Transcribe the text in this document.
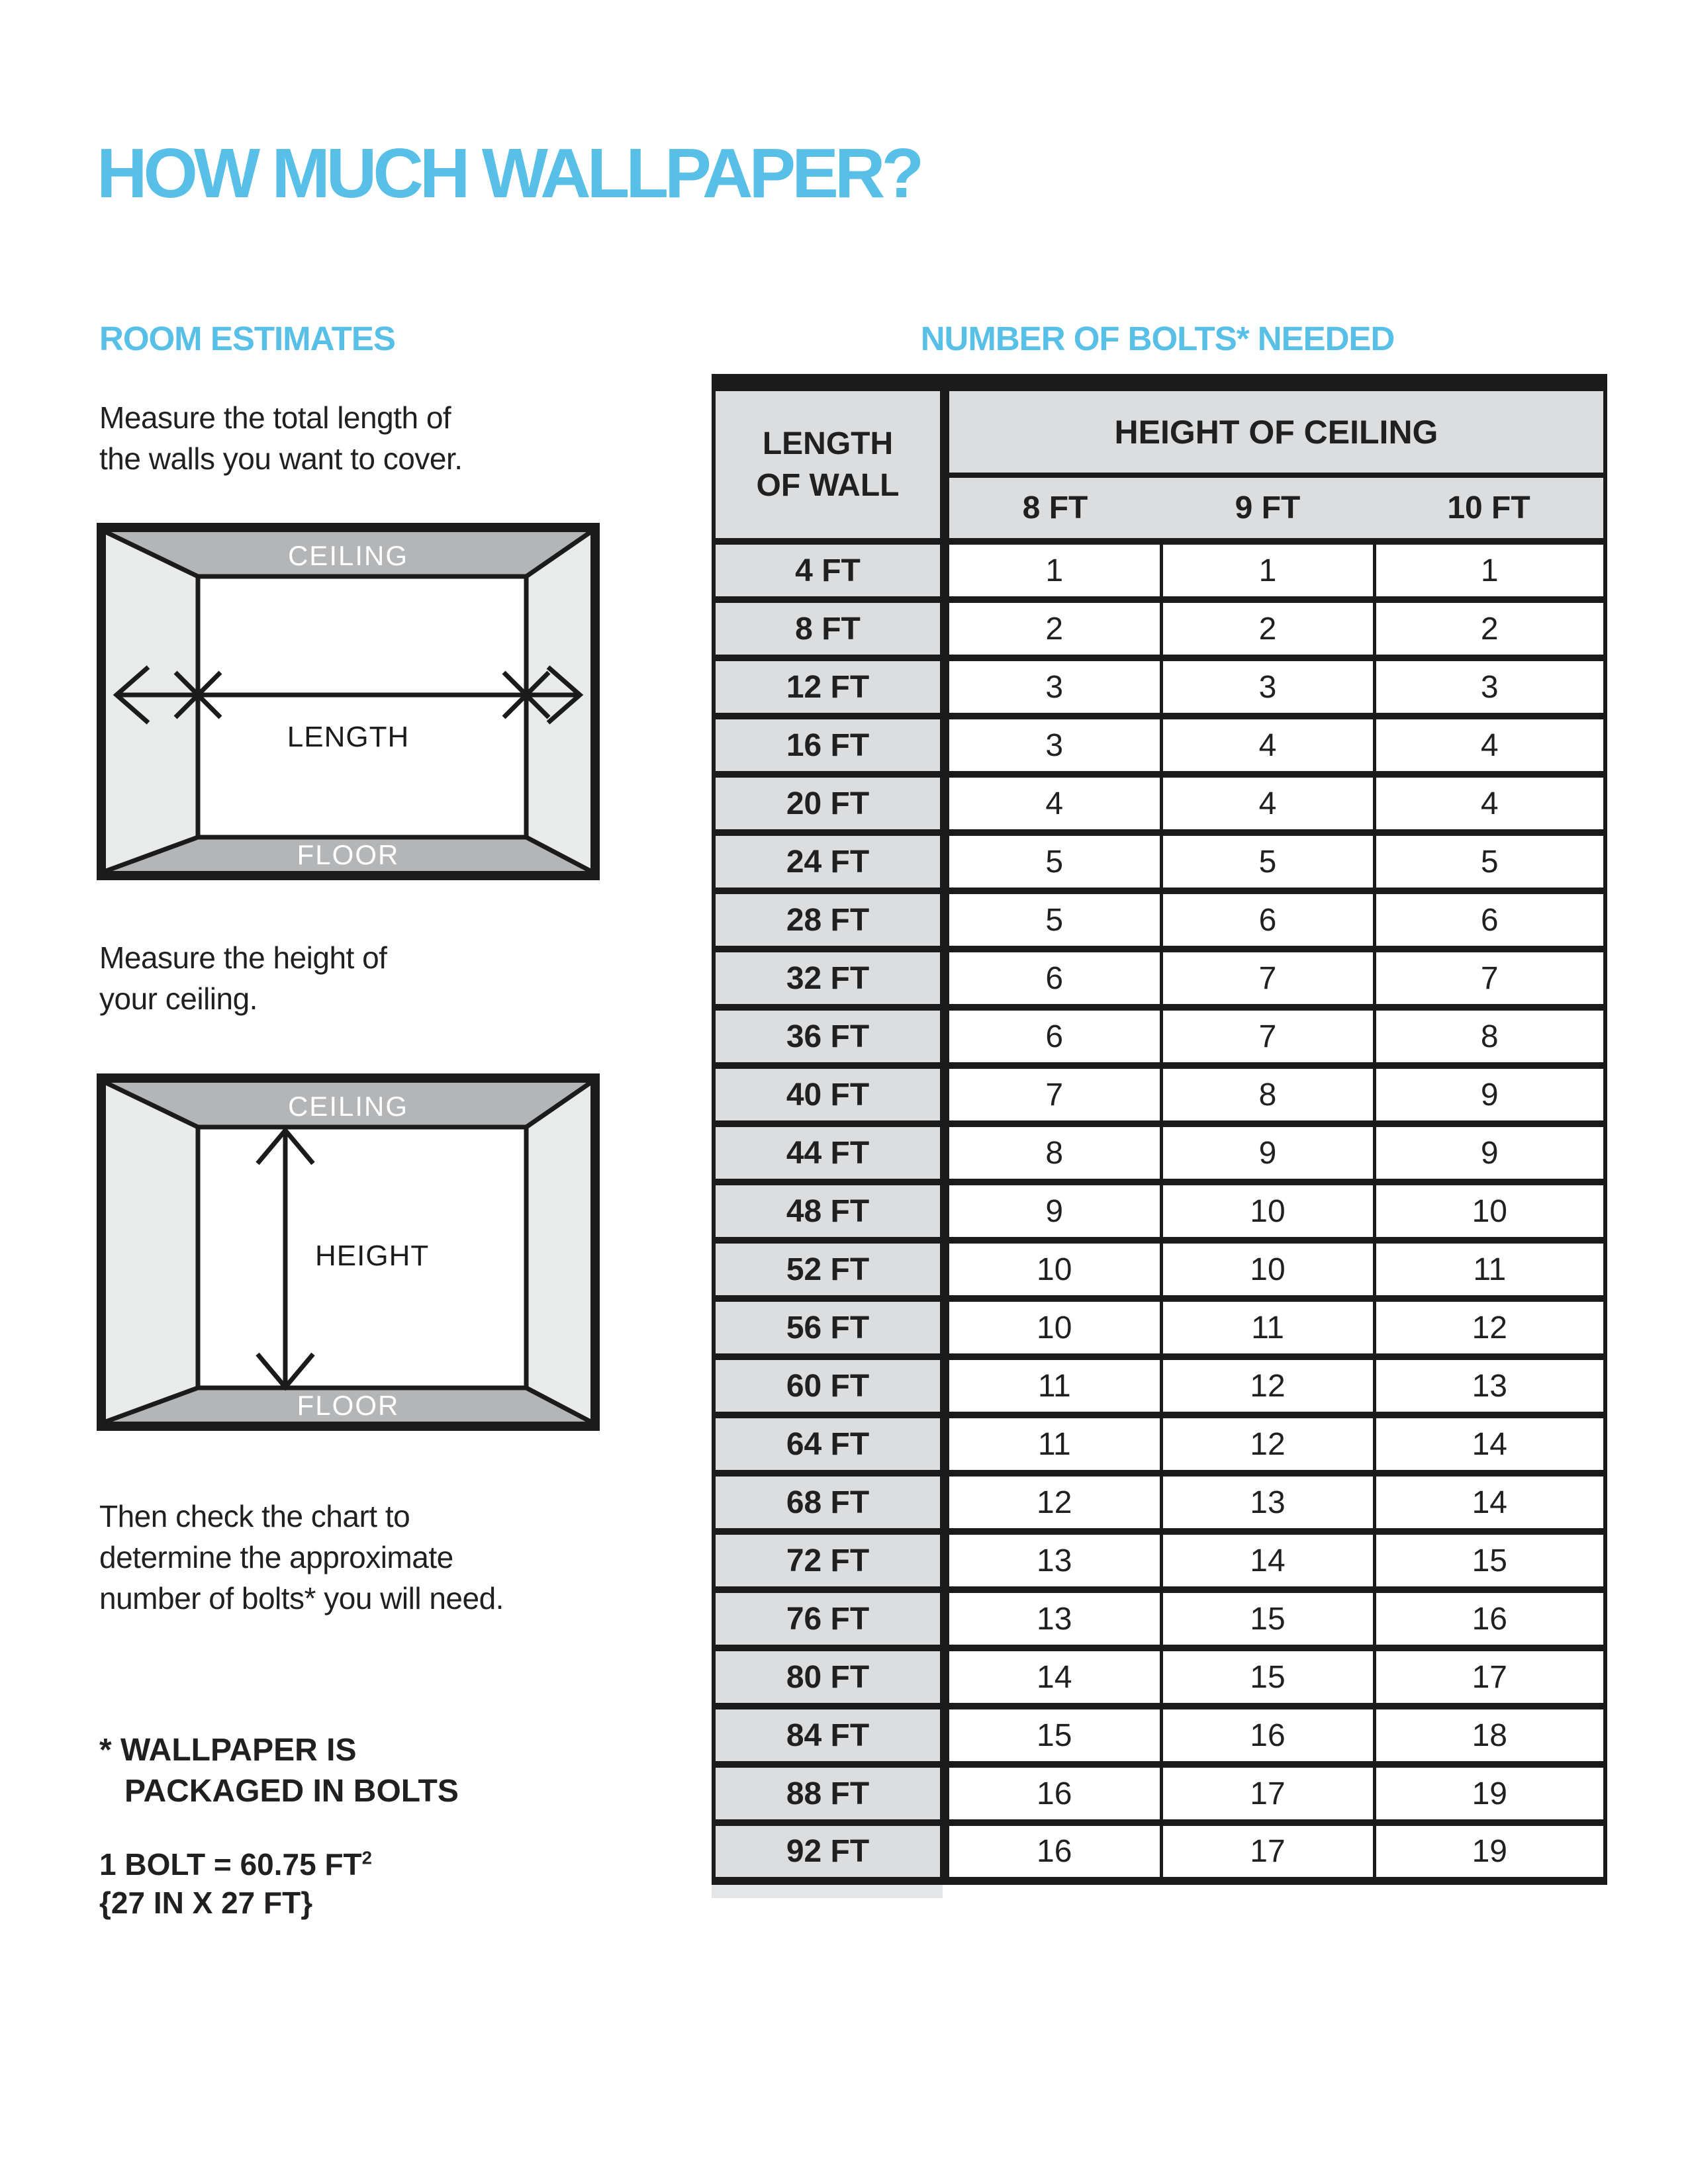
HOW MUCH WALLPAPER?
ROOM ESTIMATES	NUMBER OF BOLTS* NEEDED
Measure the total length of
the walls you want to cover.
CEILING
FLOOR
LENGTH
Measure the height of
your ceiling.
CEILING
FLOOR
HEIGHT
Then check the chart to
determine the approximate
number of bolts* you will need.
* WALLPAPER IS
PACKAGED IN BOLTS
1 BOLT = 60.75 $FT^2$
{27 IN X 27 FT}
LENGTH
OF WALL	HEIGHT OF CEILING		
	8 FT	9 FT	10 FT
4 FT	1	1	1
8 FT	2	2	2
12 FT	3	3	3
16 FT	3	4	4
20 FT	4	4	4
24 FT	5	5	5
28 FT	5	6	6
32 FT	6	7	7
36 FT	6	7	8
40 FT	7	8	9
44 FT	8	9	9
48 FT	9	10	10
52 FT	10	10	11
56 FT	10	11	12
60 FT	11	12	13
64 FT	11	12	14
68 FT	12	13	14
72 FT	13	14	15
76 FT	13	15	16
80 FT	14	15	17
84 FT	15	16	18
88 FT	16	17	19
92 FT	16	17	19
